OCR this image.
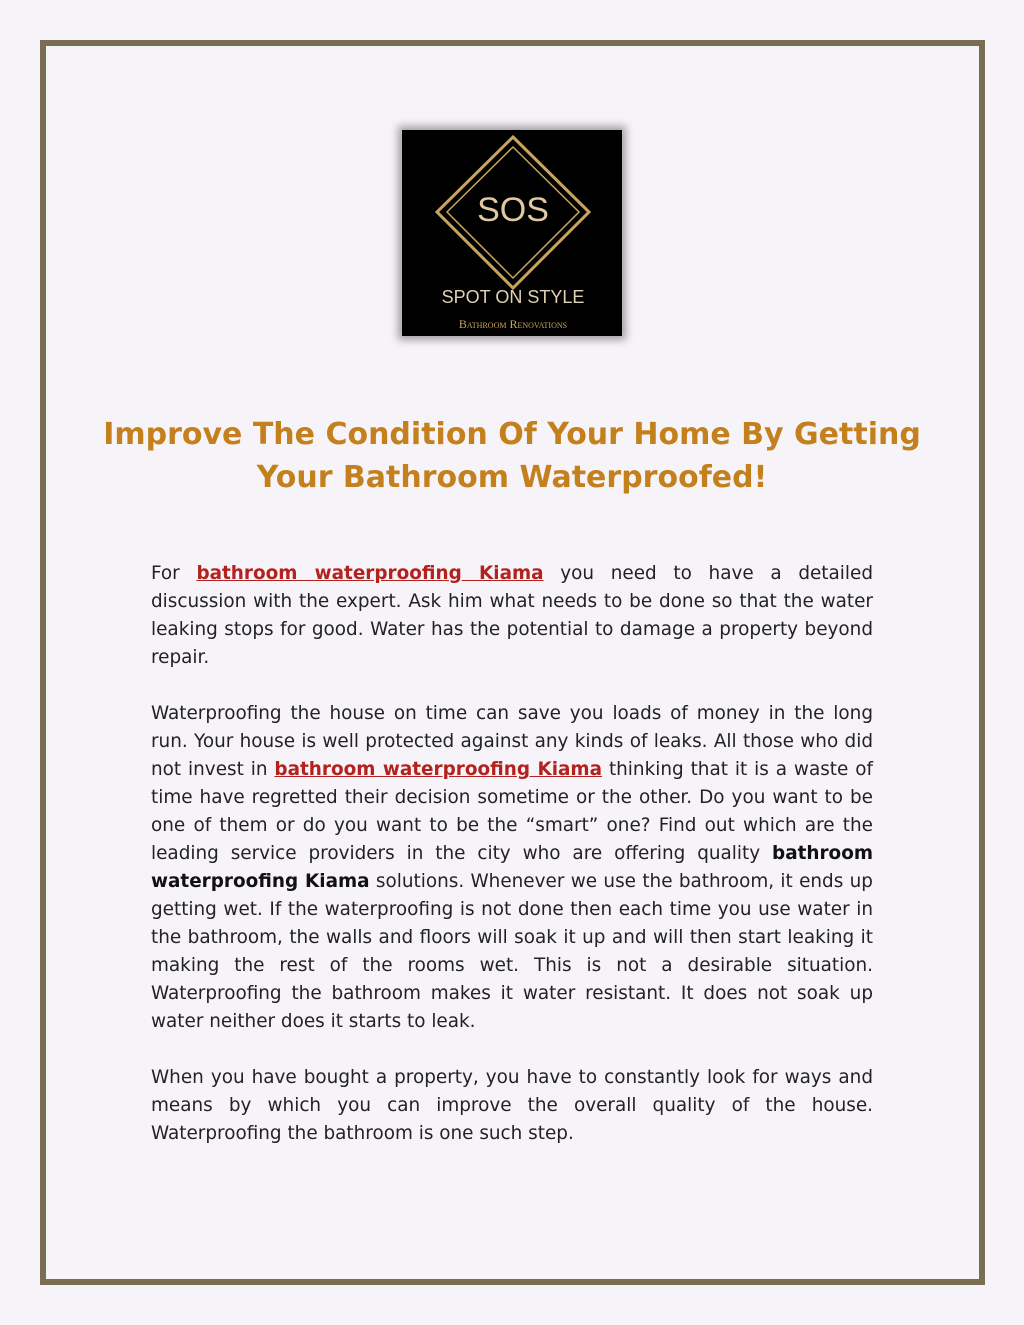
SOS
SPOT ON STYLE
Bathroom Renovations
Improve The Condition Of Your Home By Getting Your Bathroom Waterproofed!

For bathroom waterproofing Kiama you need to have a detailed discussion with the expert. Ask him what needs to be done so that the water leaking stops for good. Water has the potential to damage a property beyond repair.

Waterproofing the house on time can save you loads of money in the long run. Your house is well protected against any kinds of leaks. All those who did not invest in bathroom waterproofing Kiama thinking that it is a waste of time have regretted their decision sometime or the other. Do you want to be one of them or do you want to be the “smart” one? Find out which are the leading service providers in the city who are offering quality bathroom waterproofing Kiama solutions. Whenever we use the bathroom, it ends up getting wet. If the waterproofing is not done then each time you use water in the bathroom, the walls and floors will soak it up and will then start leaking it making the rest of the rooms wet. This is not a desirable situation. Waterproofing the bathroom makes it water resistant. It does not soak up water neither does it starts to leak.

When you have bought a property, you have to constantly look for ways and means by which you can improve the overall quality of the house. Waterproofing the bathroom is one such step.
